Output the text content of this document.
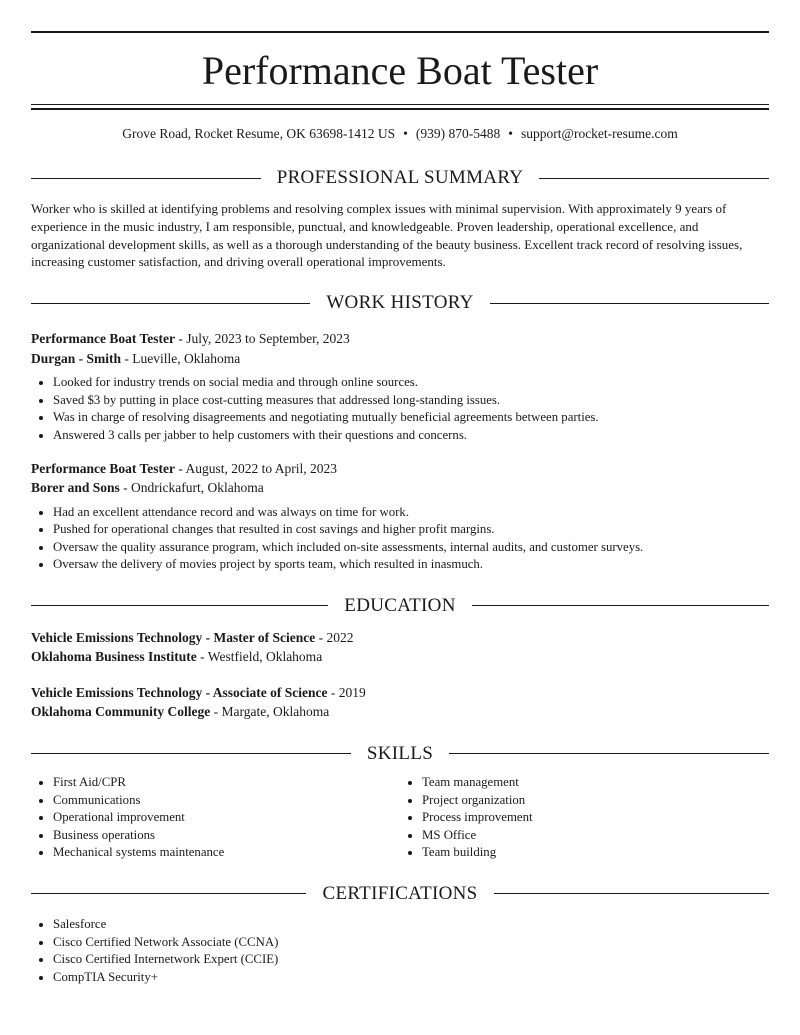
Performance Boat Tester
Grove Road, Rocket Resume, OK 63698-1412 US • (939) 870-5488 • support@rocket-resume.com
PROFESSIONAL SUMMARY

Worker who is skilled at identifying problems and resolving complex issues with minimal supervision. With approximately 9 years of experience in the music industry, I am responsible, punctual, and knowledgeable. Proven leadership, operational excellence, and organizational development skills, as well as a thorough understanding of the beauty business. Excellent track record of resolving issues, increasing customer satisfaction, and driving overall operational improvements.

WORK HISTORY
Performance Boat Tester - July, 2023 to September, 2023
Durgan - Smith - Lueville, Oklahoma
• Looked for industry trends on social media and through online sources.
• Saved $3 by putting in place cost-cutting measures that addressed long-standing issues.
• Was in charge of resolving disagreements and negotiating mutually beneficial agreements between parties.
• Answered 3 calls per jabber to help customers with their questions and concerns.
Performance Boat Tester - August, 2022 to April, 2023
Borer and Sons - Ondrickafurt, Oklahoma
• Had an excellent attendance record and was always on time for work.
• Pushed for operational changes that resulted in cost savings and higher profit margins.
• Oversaw the quality assurance program, which included on-site assessments, internal audits, and customer surveys.
• Oversaw the delivery of movies project by sports team, which resulted in inasmuch.
EDUCATION
Vehicle Emissions Technology - Master of Science - 2022
Oklahoma Business Institute - Westfield, Oklahoma
Vehicle Emissions Technology - Associate of Science - 2019
Oklahoma Community College - Margate, Oklahoma
SKILLS
• First Aid/CPR
• Communications
• Operational improvement
• Business operations
• Mechanical systems maintenance
• Team management
• Project organization
• Process improvement
• MS Office
• Team building
CERTIFICATIONS
• Salesforce
• Cisco Certified Network Associate (CCNA)
• Cisco Certified Internetwork Expert (CCIE)
• CompTIA Security+
